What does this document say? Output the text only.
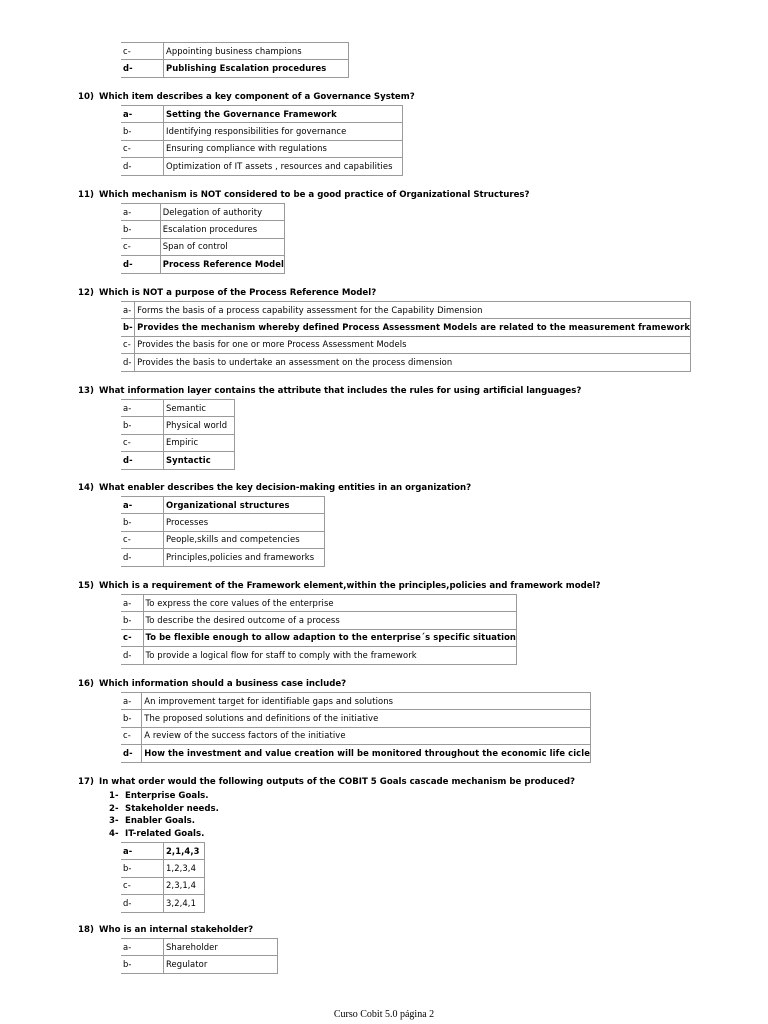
c-	Appointing business champions
d-	Publishing Escalation procedures
10) Which item describes a key component of a Governance System?
a-	Setting the Governance Framework
b-	Identifying responsibilities for governance
c-	Ensuring compliance with regulations
d-	Optimization of IT assets , resources and capabilities
11) Which mechanism is NOT considered to be a good practice of Organizational Structures?
a-	Delegation of authority
b-	Escalation procedures
c-	Span of control
d-	Process Reference Model
12) Which is NOT a purpose of the Process Reference Model?
a-	Forms the basis of a process capability assessment for the Capability Dimension
b-	Provides the mechanism whereby defined Process Assessment Models are related to the measurement framework
c-	Provides the basis for one or more Process Assessment Models
d-	Provides the basis to undertake an assessment on the process dimension
13) What information layer contains the attribute that includes the rules for using artificial languages?
a-	Semantic
b-	Physical world
c-	Empiric
d-	Syntactic
14) What enabler describes the key decision-making entities in an organization?
a-	Organizational structures
b-	Processes
c-	People,skills and competencies
d-	Principles,policies and frameworks
15) Which is a requirement of the Framework element,within the principles,policies and framework model?
a-	To express the core values of the enterprise
b-	To describe the desired outcome of a process
c-	To be flexible enough to allow adaption to the enterprise´s specific situation
d-	To provide a logical flow for staff to comply with the framework
16) Which information should a business case include?
a-	An improvement target for identifiable gaps and solutions
b-	The proposed solutions and definitions of the initiative
c-	A review of the success factors of the initiative
d-	How the investment and value creation will be monitored throughout the economic life cicle
17) In what order would the following outputs of the COBIT 5 Goals cascade mechanism be produced?
1- Enterprise Goals.
2- Stakeholder needs.
3- Enabler Goals.
4- IT-related Goals.
a-	2,1,4,3
b-	1,2,3,4
c-	2,3,1,4
d-	3,2,4,1
18) Who is an internal stakeholder?
a-	Shareholder
b-	Regulator
Curso Cobit 5.0 página 2
